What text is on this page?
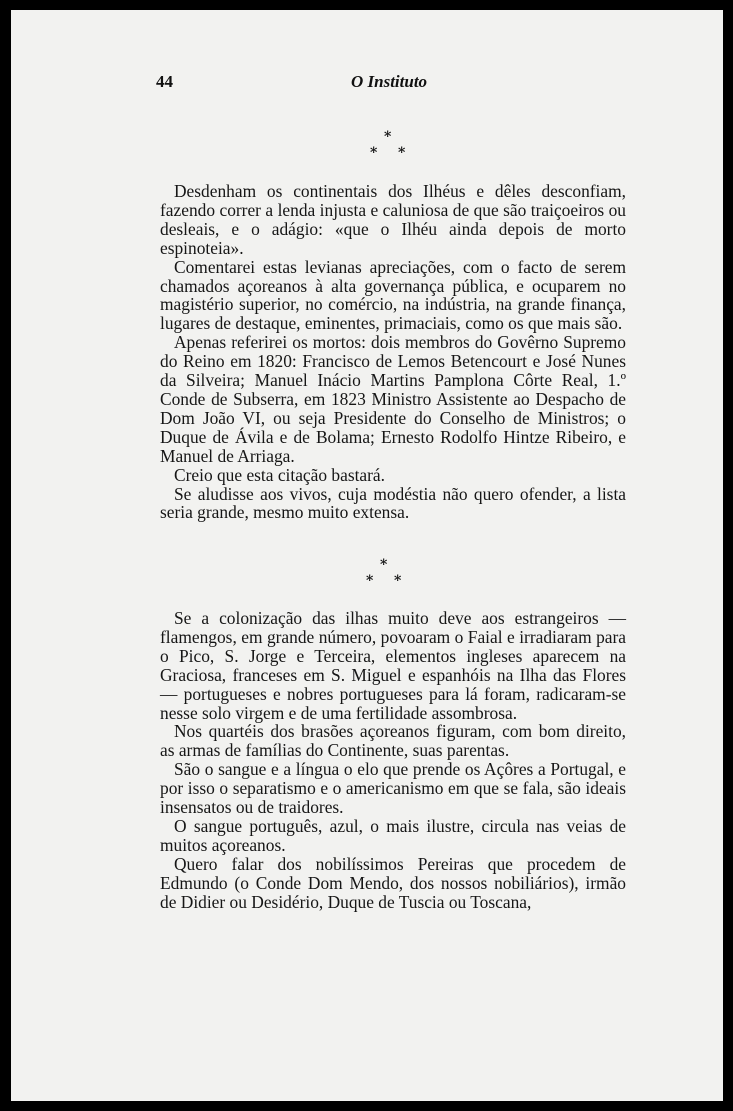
44	O Instituto
*
* *

Desdenham os continentais dos Ilhéus e dêles desconfiam, fazendo correr a lenda injusta e caluniosa de que são traiçoeiros ou desleais, e o adágio: «que o Ilhéu ainda depois de morto espinoteia».

Comentarei estas levianas apreciações, com o facto de serem chamados açoreanos à alta governança pública, e ocuparem no magistério superior, no comércio, na indústria, na grande finança, lugares de destaque, eminentes, primaciais, como os que mais são.

Apenas referirei os mortos: dois membros do Govêrno Supremo do Reino em 1820: Francisco de Lemos Betencourt e José Nunes da Silveira; Manuel Inácio Martins Pamplona Côrte Real, 1.º Conde de Subserra, em 1823 Ministro Assistente ao Despacho de Dom João VI, ou seja Presidente do Conselho de Ministros; o Duque de Ávila e de Bolama; Ernesto Rodolfo Hintze Ribeiro, e Manuel de Arriaga.

Creio que esta citação bastará.

Se aludisse aos vivos, cuja modéstia não quero ofender, a lista seria grande, mesmo muito extensa.

*
* *

Se a colonização das ilhas muito deve aos estrangeiros — flamengos, em grande número, povoaram o Faial e irradiaram para o Pico, S. Jorge e Terceira, elementos ingleses aparecem na Graciosa, franceses em S. Miguel e espanhóis na Ilha das Flores — portugueses e nobres portugueses para lá foram, radicaram-se nesse solo virgem e de uma fertilidade assombrosa.

Nos quartéis dos brasões açoreanos figuram, com bom direito, as armas de famílias do Continente, suas parentas.

São o sangue e a língua o elo que prende os Açôres a Portugal, e por isso o separatismo e o americanismo em que se fala, são ideais insensatos ou de traidores.

O sangue português, azul, o mais ilustre, circula nas veias de muitos açoreanos.

Quero falar dos nobilíssimos Pereiras que procedem de Edmundo (o Conde Dom Mendo, dos nossos nobiliários), irmão de Didier ou Desidério, Duque de Tuscia ou Toscana,
